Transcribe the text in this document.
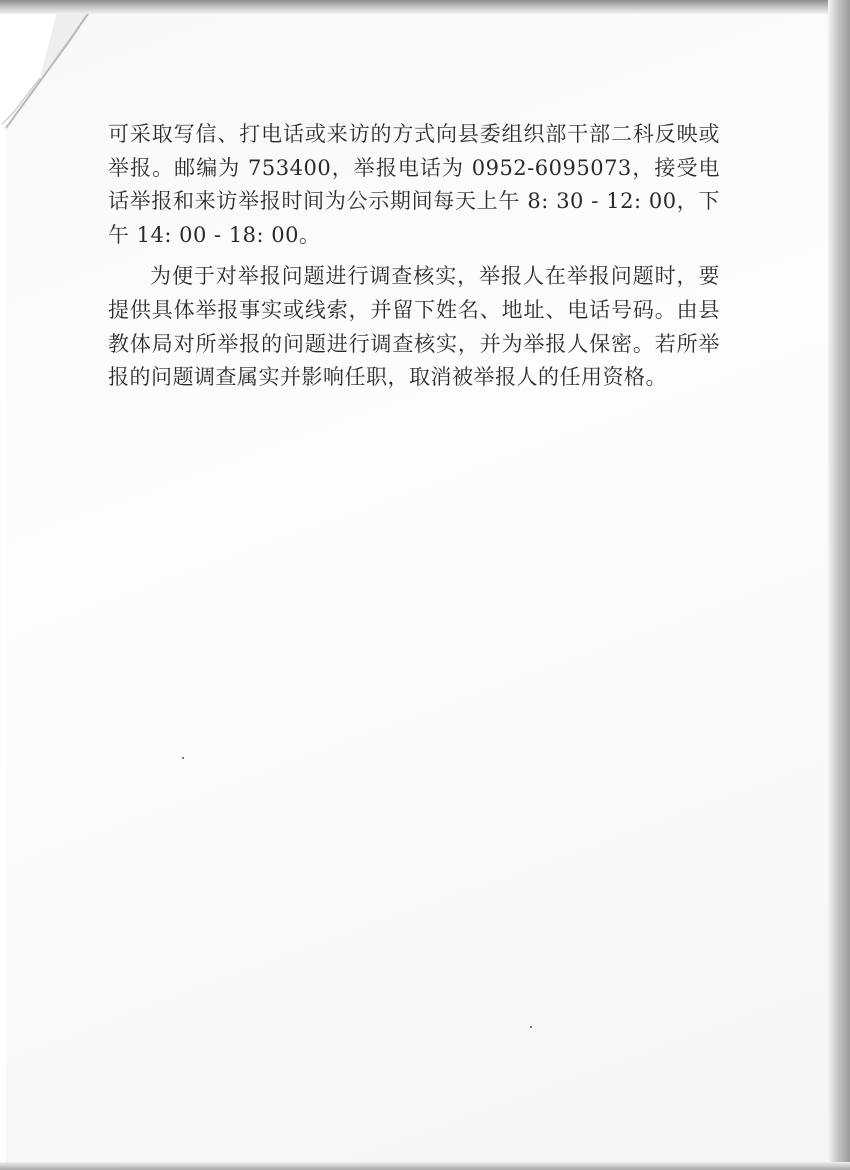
可采取写信、打电话或来访的方式向县委组织部干部二科反映或举报。邮编为 753400，举报电话为 0952-6095073，接受电话举报和来访举报时间为公示期间每天上午 8: 30 - 12: 00，下午 14: 00 - 18: 00。

为便于对举报问题进行调查核实，举报人在举报问题时，要提供具体举报事实或线索，并留下姓名、地址、电话号码。由县教体局对所举报的问题进行调查核实，并为举报人保密。若所举报的问题调查属实并影响任职，取消被举报人的任用资格。
